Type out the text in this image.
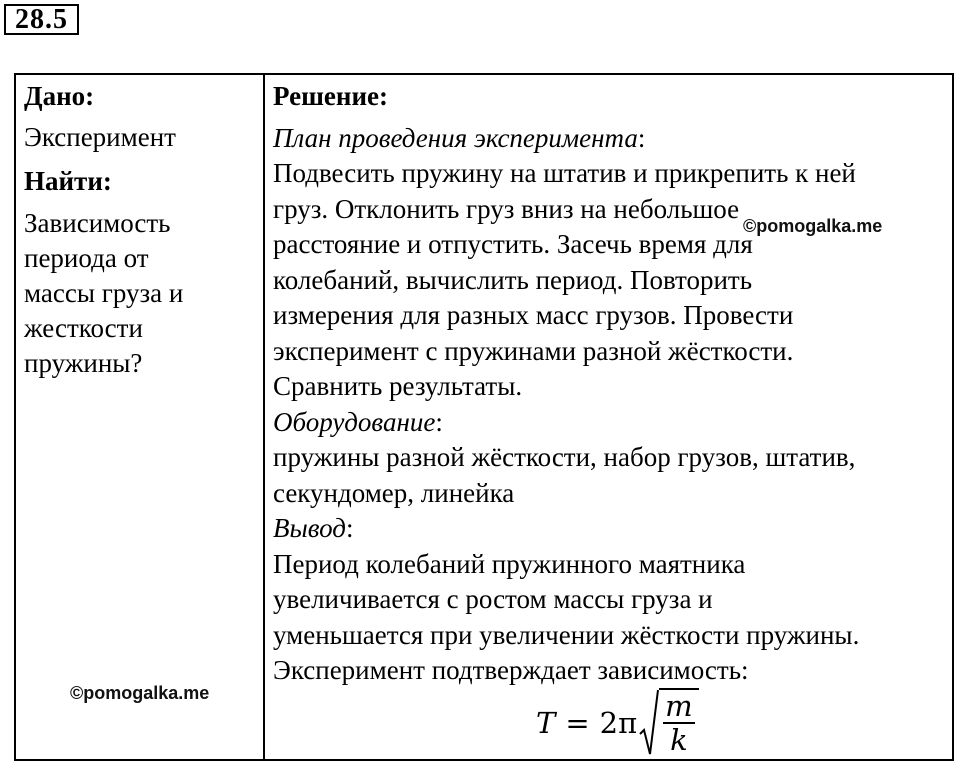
28.5
Дано:
Эксперимент
Найти:
Зависимость
периода от
массы груза и
жесткости
пружины?
Решение:
План проведения эксперимента:
Подвесить пружину на штатив и прикрепить к ней
груз. Отклонить груз вниз на небольшое
расстояние и отпустить. Засечь время для
колебаний, вычислить период. Повторить
измерения для разных масс грузов. Провести
эксперимент с пружинами разной жёсткости.
Сравнить результаты.
Оборудование:
пружины разной жёсткости, набор грузов, штатив,
секундомер, линейка
Вывод:
Период колебаний пружинного маятника
увеличивается с ростом массы груза и
уменьшается при увеличении жёсткости пружины.
Эксперимент подтверждает зависимость:
©pomogalka.me
©pomogalka.me
$T = 2\pi \frac{m}{k}$
